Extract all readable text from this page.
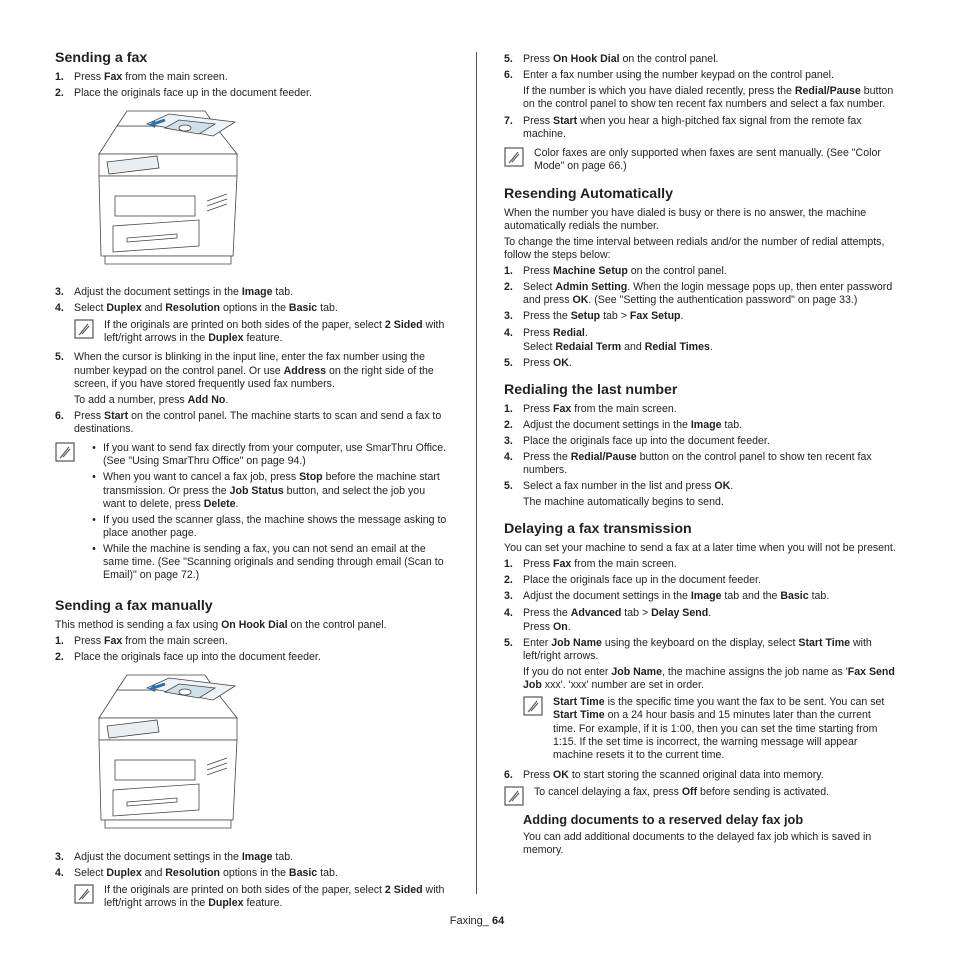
Sending a fax
1. Press Fax from the main screen.
2. Place the originals face up in the document feeder.
3. Adjust the document settings in the Image tab.
4. Select Duplex and Resolution options in the Basic tab.
If the originals are printed on both sides of the paper, select 2 Sided with left/right arrows in the Duplex feature.
5. When the cursor is blinking in the input line, enter the fax number using the number keypad on the control panel. Or use Address on the right side of the screen, if you have stored frequently used fax numbers.
To add a number, press Add No.
6. Press Start on the control panel. The machine starts to scan and send a fax to destinations.
• If you want to send fax directly from your computer, use SmarThru Office. (See "Using SmarThru Office" on page 94.)
• When you want to cancel a fax job, press Stop before the machine start transmission. Or press the Job Status button, and select the job you want to delete, press Delete.
• If you used the scanner glass, the machine shows the message asking to place another page.
• While the machine is sending a fax, you can not send an email at the same time. (See "Scanning originals and sending through email (Scan to Email)" on page 72.)
Sending a fax manually

This method is sending a fax using On Hook Dial on the control panel.

1. Press Fax from the main screen.
2. Place the originals face up into the document feeder.
3. Adjust the document settings in the Image tab.
4. Select Duplex and Resolution options in the Basic tab.
If the originals are printed on both sides of the paper, select 2 Sided with left/right arrows in the Duplex feature.
5. Press On Hook Dial on the control panel.
6. Enter a fax number using the number keypad on the control panel.
If the number is which you have dialed recently, press the Redial/Pause button on the control panel to show ten recent fax numbers and select a fax number.
7. Press Start when you hear a high-pitched fax signal from the remote fax machine.
Color faxes are only supported when faxes are sent manually. (See "Color Mode" on page 66.)
Resending Automatically

When the number you have dialed is busy or there is no answer, the machine automatically redials the number.

To change the time interval between redials and/or the number of redial attempts, follow the steps below:

1. Press Machine Setup on the control panel.
2. Select Admin Setting. When the login message pops up, then enter password and press OK. (See "Setting the authentication password" on page 33.)
3. Press the Setup tab > Fax Setup.
4. Press Redial.
Select Redaial Term and Redial Times.
5. Press OK.
Redialing the last number
1. Press Fax from the main screen.
2. Adjust the document settings in the Image tab.
3. Place the originals face up into the document feeder.
4. Press the Redial/Pause button on the control panel to show ten recent fax numbers.
5. Select a fax number in the list and press OK.
The machine automatically begins to send.
Delaying a fax transmission

You can set your machine to send a fax at a later time when you will not be present.

1. Press Fax from the main screen.
2. Place the originals face up in the document feeder.
3. Adjust the document settings in the Image tab and the Basic tab.
4. Press the Advanced tab > Delay Send.
Press On.
5. Enter Job Name using the keyboard on the display, select Start Time with left/right arrows.
If you do not enter Job Name, the machine assigns the job name as 'Fax Send Job xxx'. 'xxx' number are set in order.
Start Time is the specific time you want the fax to be sent. You can set Start Time on a 24 hour basis and 15 minutes later than the current time. For example, if it is 1:00, then you can set the time starting from 1:15. If the set time is incorrect, the warning message will appear machine resets it to the current time.
6. Press OK to start storing the scanned original data into memory.
To cancel delaying a fax, press Off before sending is activated.
Adding documents to a reserved delay fax job

You can add additional documents to the delayed fax job which is saved in memory.

Faxing_ 64
